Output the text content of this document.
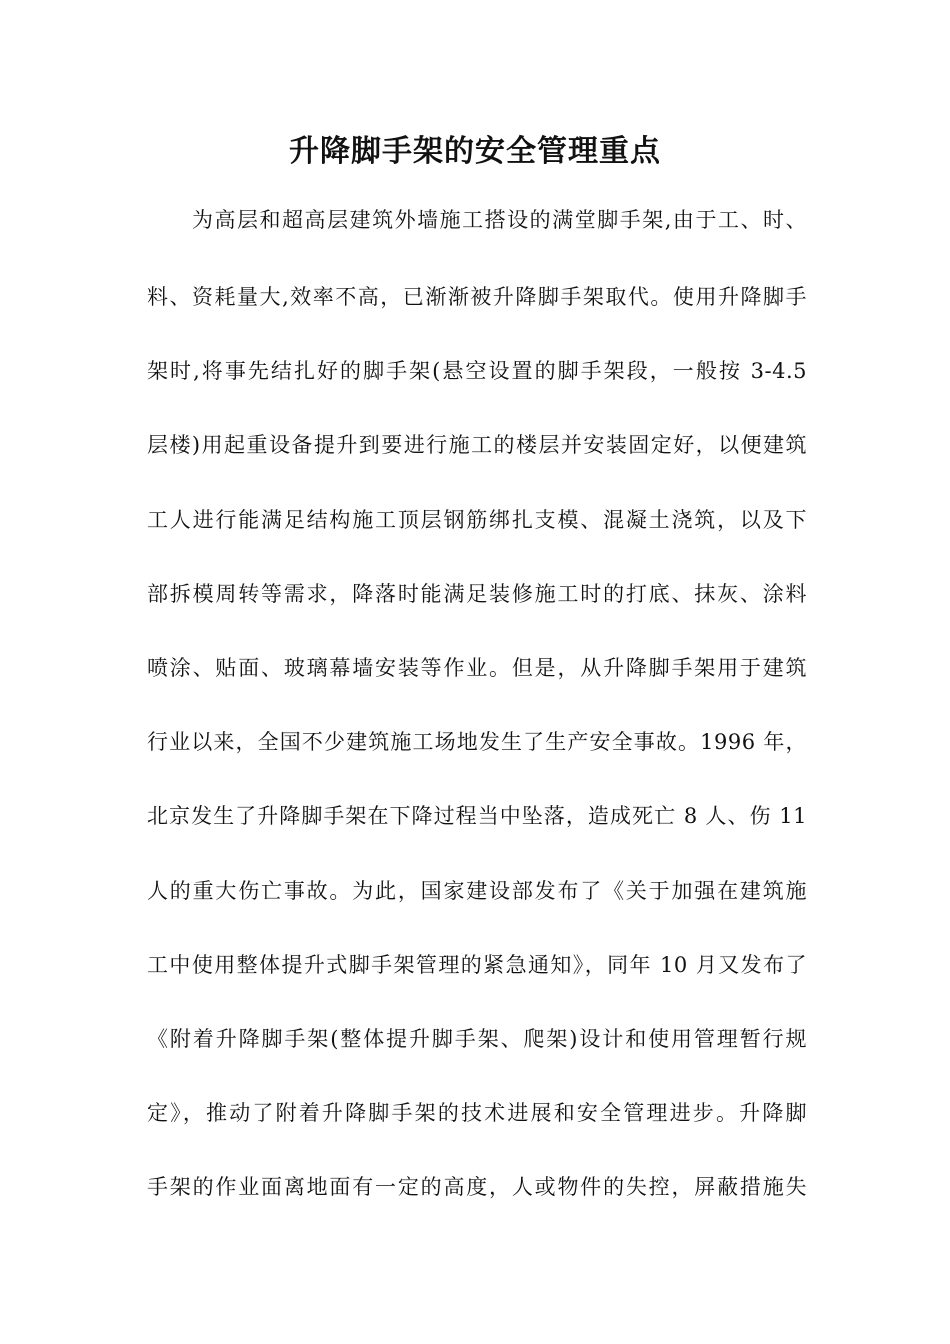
升降脚手架的安全管理重点
为高层和超高层建筑外墙施工搭设的满堂脚手架,由于工、时、
料、资耗量大,效率不高，已渐渐被升降脚手架取代。使用升降脚手
架时,将事先结扎好的脚手架(悬空设置的脚手架段，一般按 3-4.5
层楼)用起重设备提升到要进行施工的楼层并安装固定好，以便建筑
工人进行能满足结构施工顶层钢筋绑扎支模、混凝土浇筑，以及下
部拆模周转等需求，降落时能满足装修施工时的打底、抹灰、涂料
喷涂、贴面、玻璃幕墙安装等作业。但是，从升降脚手架用于建筑
行业以来，全国不少建筑施工场地发生了生产安全事故。1996 年，
北京发生了升降脚手架在下降过程当中坠落，造成死亡 8 人、伤 11
人的重大伤亡事故。为此，国家建设部发布了《关于加强在建筑施
工中使用整体提升式脚手架管理的紧急通知》，同年 10 月又发布了
《附着升降脚手架(整体提升脚手架、爬架)设计和使用管理暂行规
定》，推动了附着升降脚手架的技术进展和安全管理进步。升降脚
手架的作业面离地面有一定的高度，人或物件的失控，屏蔽措施失
